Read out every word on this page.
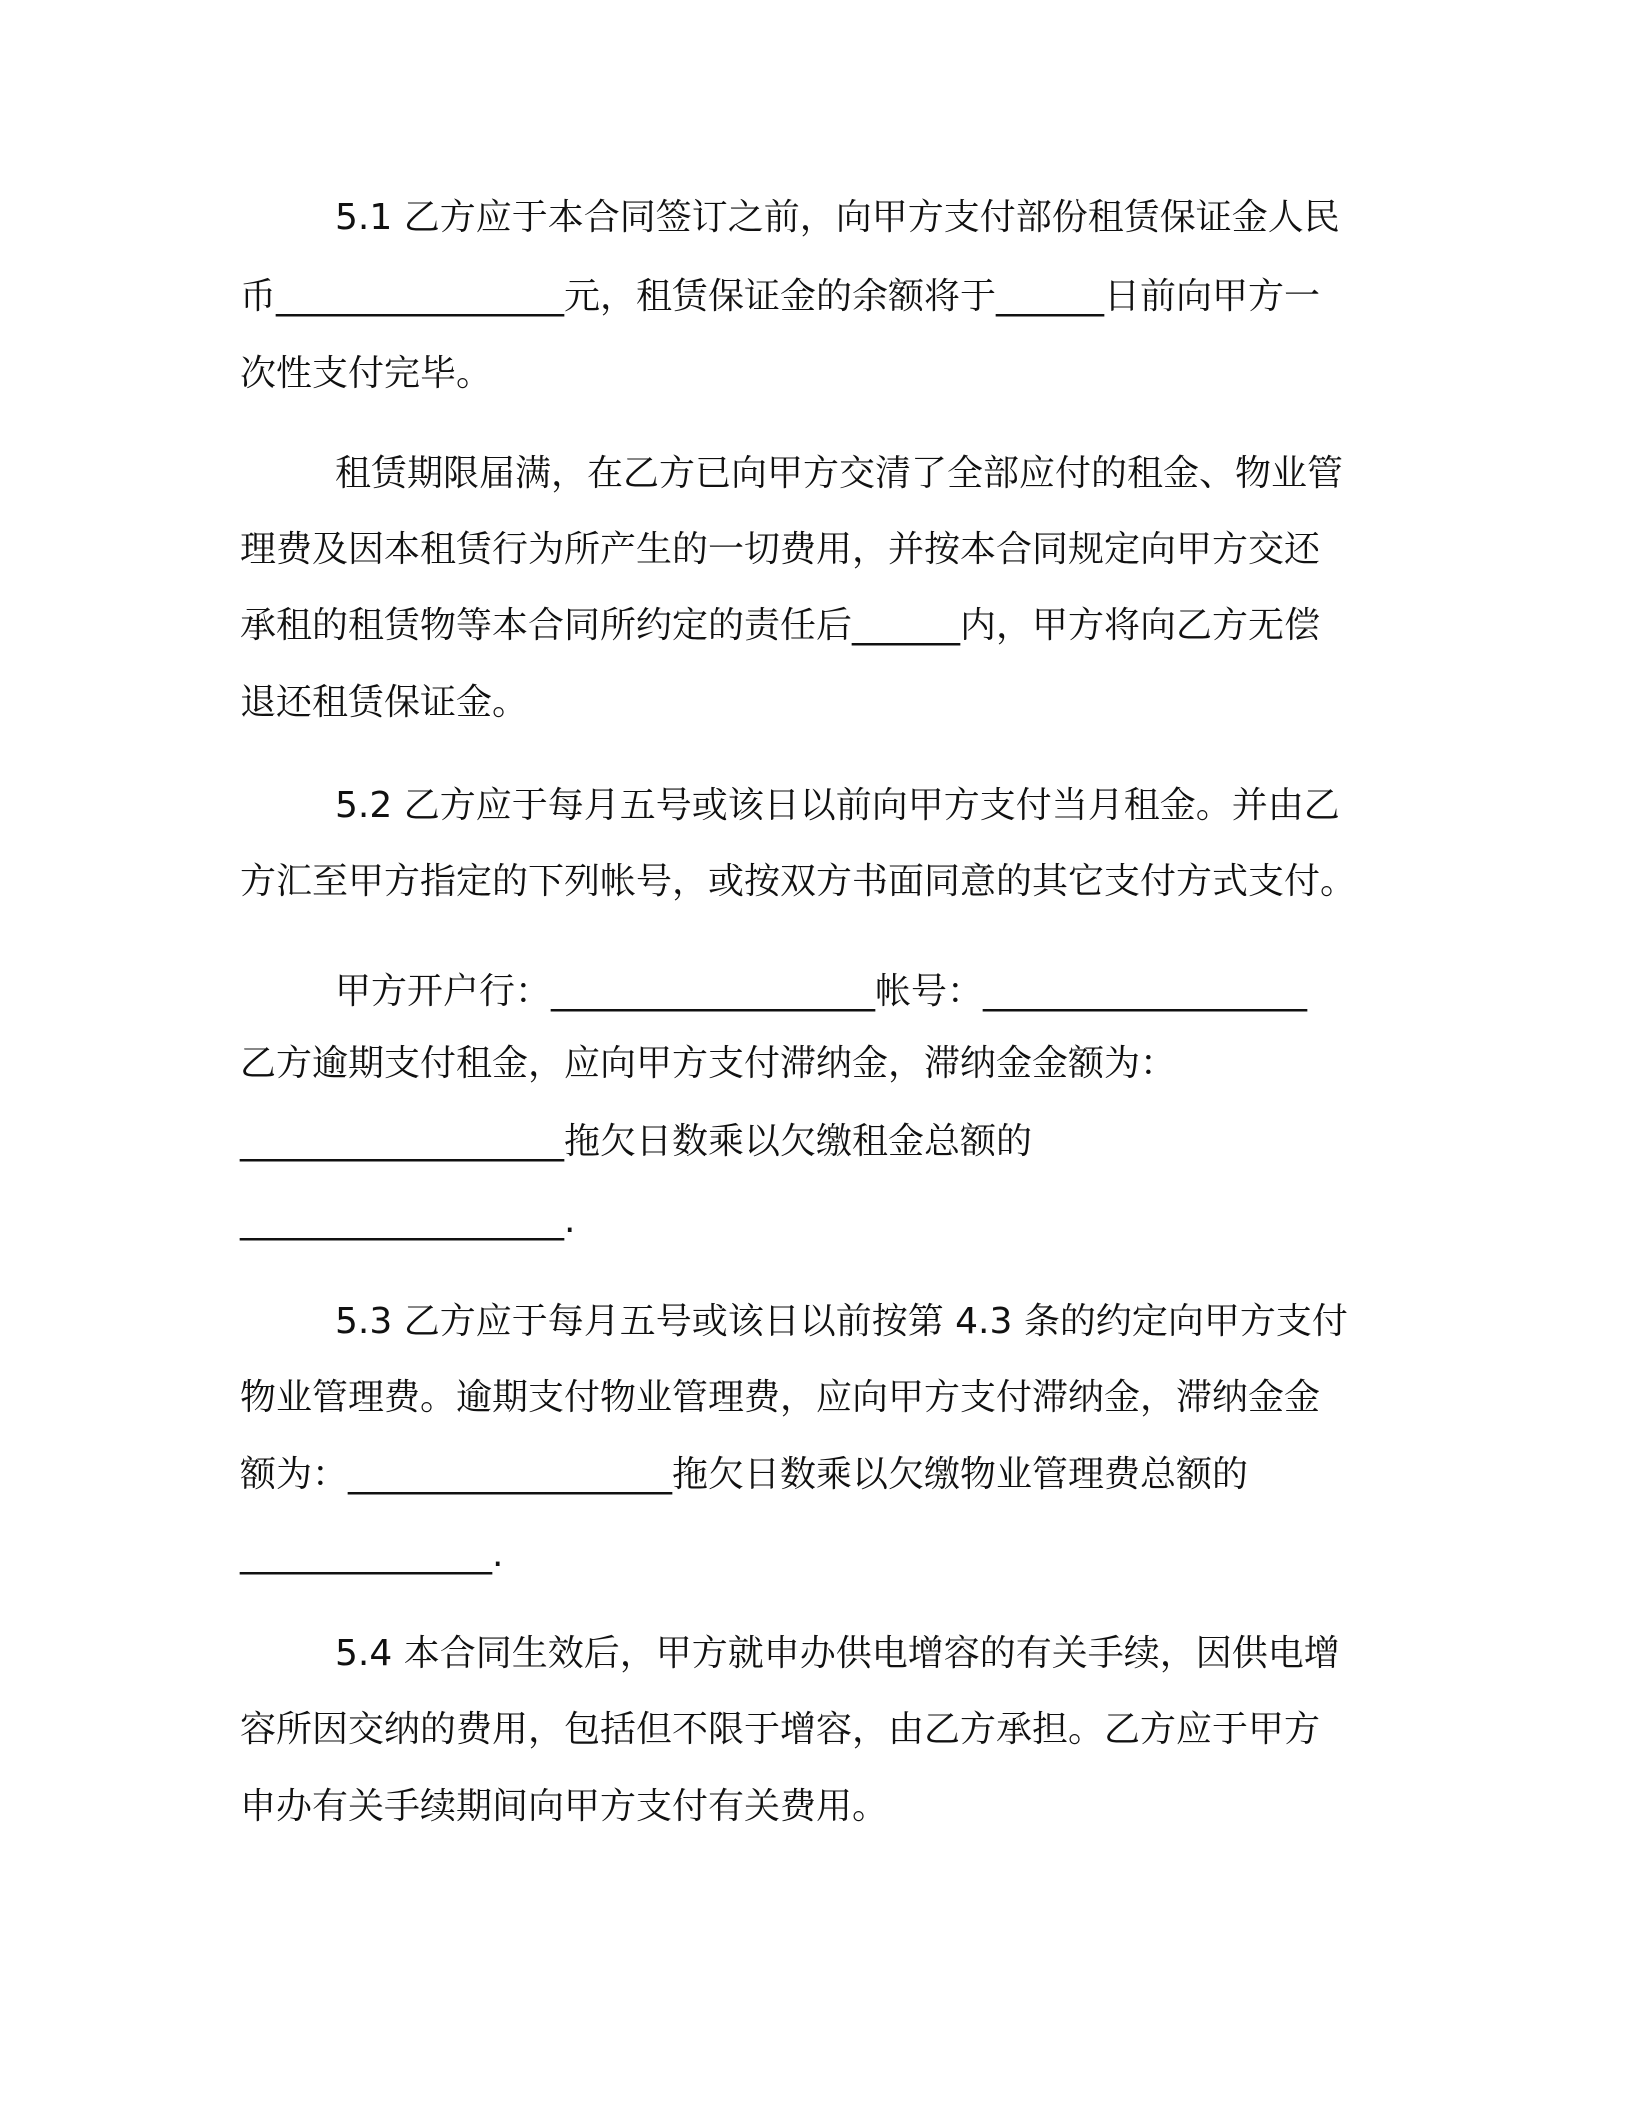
5.1 乙方应于本合同签订之前，向甲方支付部份租赁保证金人民
币________________元，租赁保证金的余额将于______日前向甲方一
次性支付完毕。
租赁期限届满，在乙方已向甲方交清了全部应付的租金、物业管
理费及因本租赁行为所产生的一切费用，并按本合同规定向甲方交还
承租的租赁物等本合同所约定的责任后______内，甲方将向乙方无偿
退还租赁保证金。
5.2 乙方应于每月五号或该日以前向甲方支付当月租金。并由乙
方汇至甲方指定的下列帐号，或按双方书面同意的其它支付方式支付。
甲方开户行：__________________帐号：__________________
乙方逾期支付租金，应向甲方支付滞纳金，滞纳金金额为：
__________________拖欠日数乘以欠缴租金总额的
__________________.
5.3 乙方应于每月五号或该日以前按第 4.3 条的约定向甲方支付
物业管理费。逾期支付物业管理费，应向甲方支付滞纳金，滞纳金金
额为：__________________拖欠日数乘以欠缴物业管理费总额的
______________.
5.4 本合同生效后，甲方就申办供电增容的有关手续，因供电增
容所因交纳的费用，包括但不限于增容，由乙方承担。乙方应于甲方
申办有关手续期间向甲方支付有关费用。
